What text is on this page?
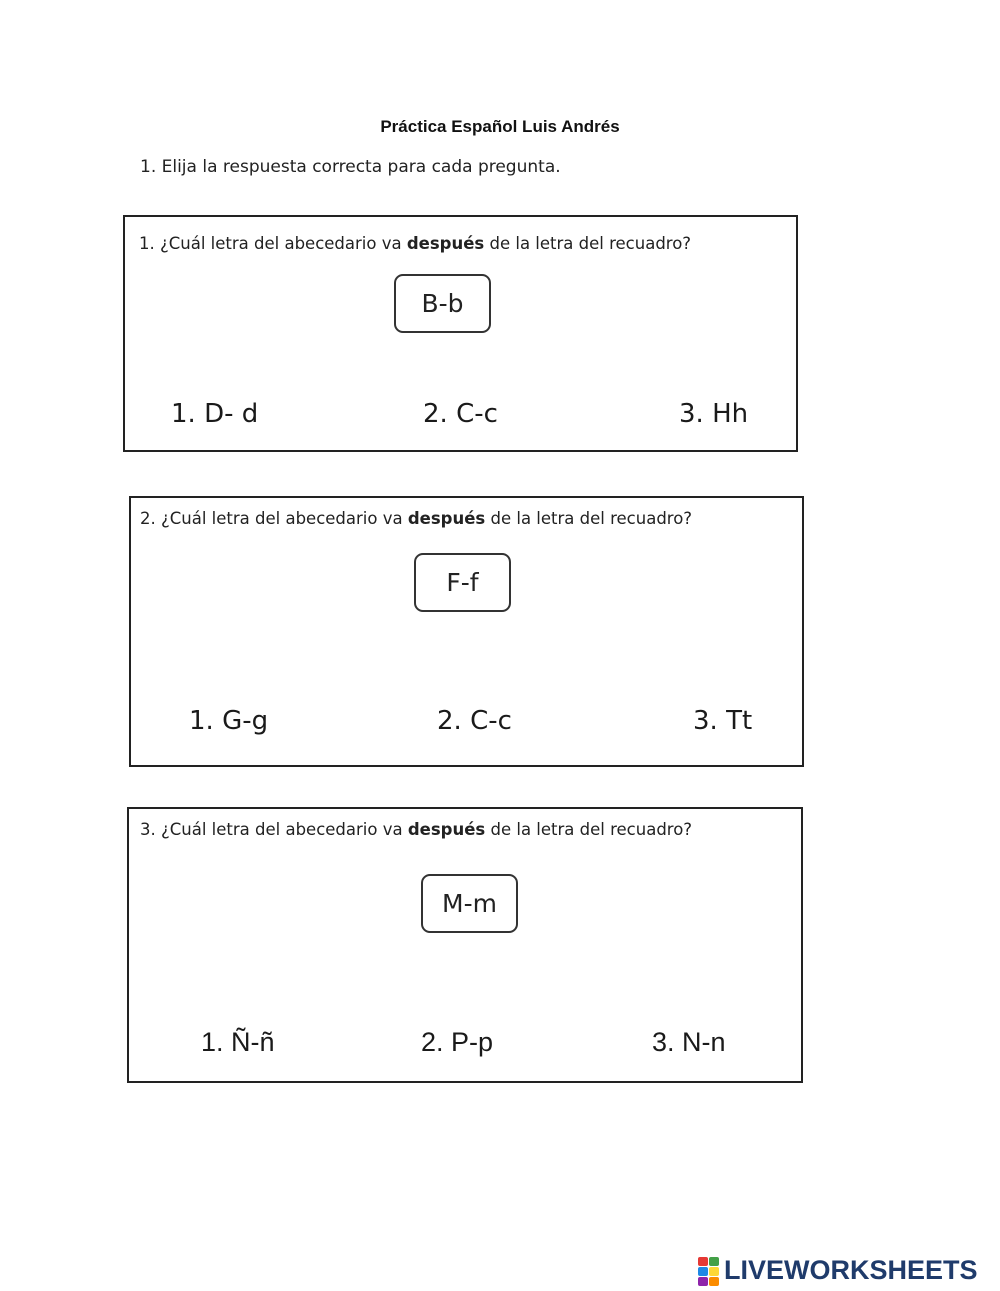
Práctica Español Luis Andrés
1. Elija la respuesta correcta para cada pregunta.
1. ¿Cuál letra del abecedario va después de la letra del recuadro?
B-b
1. D- d	2. C-c	3. Hh
2. ¿Cuál letra del abecedario va después de la letra del recuadro?
F-f
1. G-g	2. C-c	3. Tt
3. ¿Cuál letra del abecedario va después de la letra del recuadro?
M-m
1. Ñ-ñ	2. P-p	3. N-n
LIVEWORKSHEETS
